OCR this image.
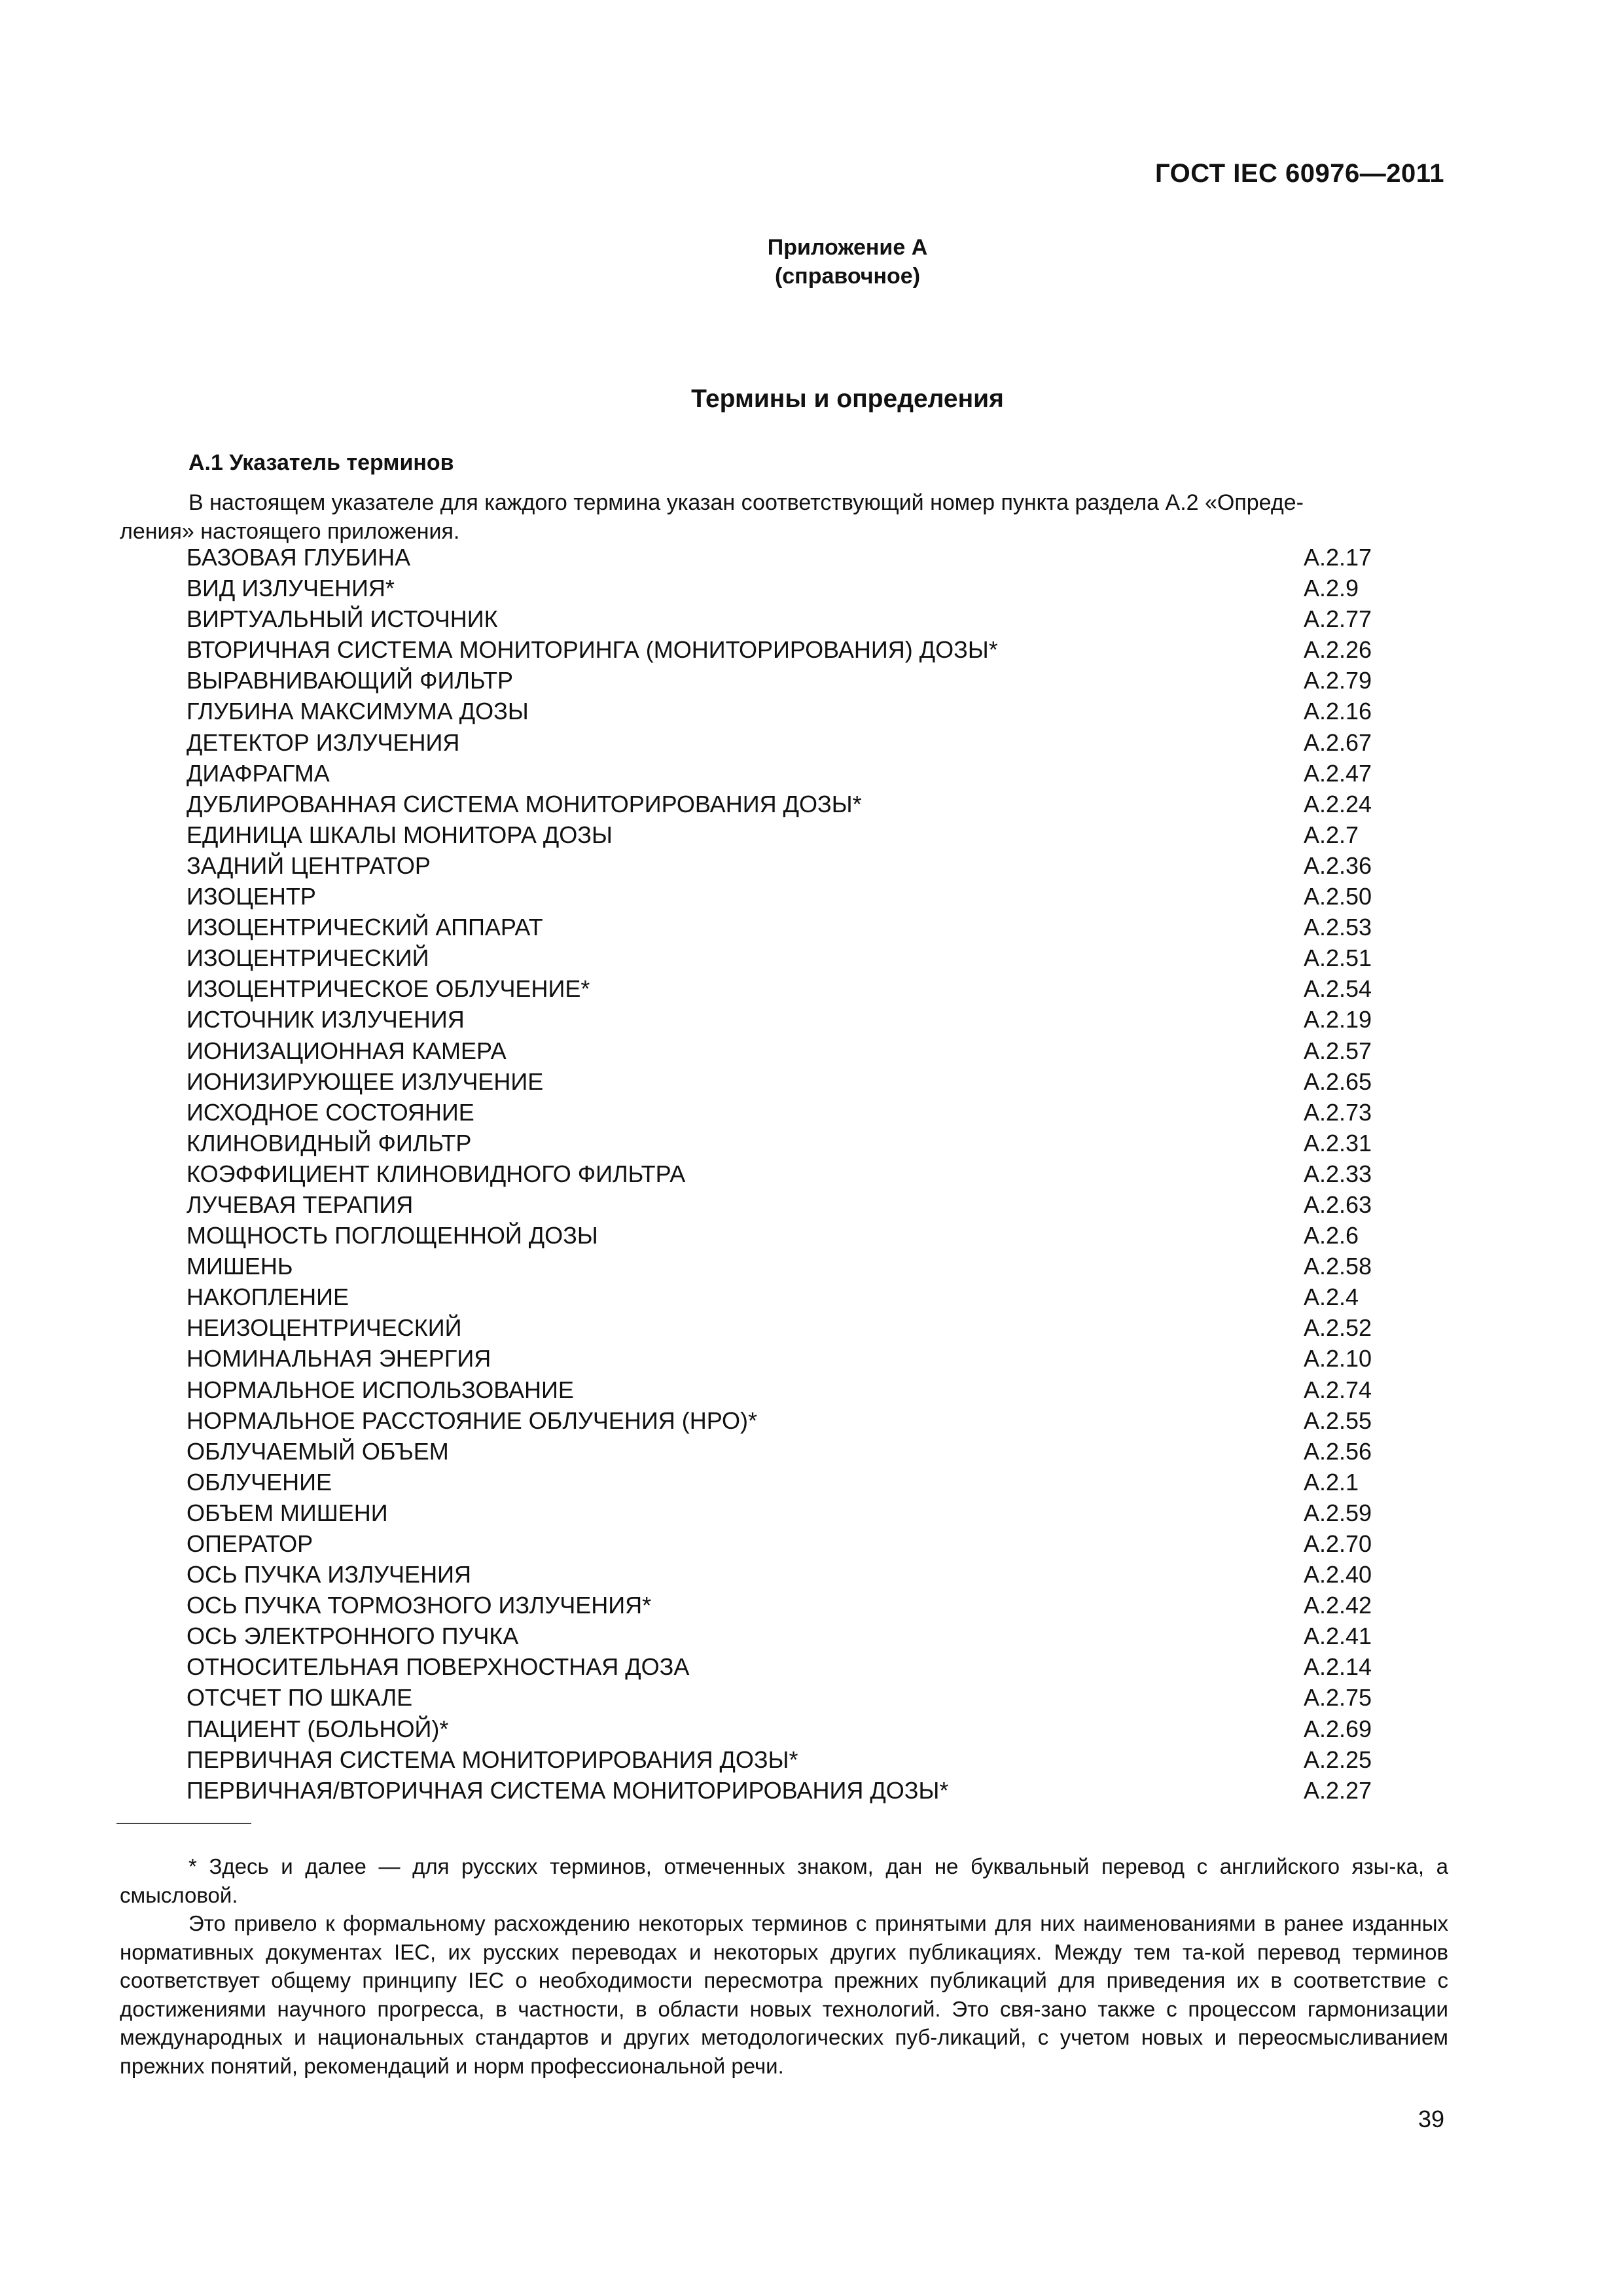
ГОСТ IEC 60976—2011
Приложение А
(справочное)
Термины и определения
А.1 Указатель терминов
В настоящем указателе для каждого термина указан соответствующий номер пункта раздела А.2 «Опреде-
ления» настоящего приложения.
БАЗОВАЯ ГЛУБИНА	А.2.17
ВИД ИЗЛУЧЕНИЯ*	А.2.9
ВИРТУАЛЬНЫЙ ИСТОЧНИК	А.2.77
ВТОРИЧНАЯ СИСТЕМА МОНИТОРИНГА (МОНИТОРИРОВАНИЯ) ДОЗЫ*	А.2.26
ВЫРАВНИВАЮЩИЙ ФИЛЬТР	А.2.79
ГЛУБИНА МАКСИМУМА ДОЗЫ	А.2.16
ДЕТЕКТОР ИЗЛУЧЕНИЯ	А.2.67
ДИАФРАГМА	А.2.47
ДУБЛИРОВАННАЯ СИСТЕМА МОНИТОРИРОВАНИЯ ДОЗЫ*	А.2.24
ЕДИНИЦА ШКАЛЫ МОНИТОРА ДОЗЫ	А.2.7
ЗАДНИЙ ЦЕНТРАТОР	А.2.36
ИЗОЦЕНТР	А.2.50
ИЗОЦЕНТРИЧЕСКИЙ АППАРАТ	А.2.53
ИЗОЦЕНТРИЧЕСКИЙ	А.2.51
ИЗОЦЕНТРИЧЕСКОЕ ОБЛУЧЕНИЕ*	А.2.54
ИСТОЧНИК ИЗЛУЧЕНИЯ	А.2.19
ИОНИЗАЦИОННАЯ КАМЕРА	А.2.57
ИОНИЗИРУЮЩЕЕ ИЗЛУЧЕНИЕ	А.2.65
ИСХОДНОЕ СОСТОЯНИЕ	А.2.73
КЛИНОВИДНЫЙ ФИЛЬТР	А.2.31
КОЭФФИЦИЕНТ КЛИНОВИДНОГО ФИЛЬТРА	А.2.33
ЛУЧЕВАЯ ТЕРАПИЯ	А.2.63
МОЩНОСТЬ ПОГЛОЩЕННОЙ ДОЗЫ	А.2.6
МИШЕНЬ	А.2.58
НАКОПЛЕНИЕ	А.2.4
НЕИЗОЦЕНТРИЧЕСКИЙ	А.2.52
НОМИНАЛЬНАЯ ЭНЕРГИЯ	А.2.10
НОРМАЛЬНОЕ ИСПОЛЬЗОВАНИЕ	А.2.74
НОРМАЛЬНОЕ РАССТОЯНИЕ ОБЛУЧЕНИЯ (НРО)*	А.2.55
ОБЛУЧАЕМЫЙ ОБЪЕМ	А.2.56
ОБЛУЧЕНИЕ	А.2.1
ОБЪЕМ МИШЕНИ	А.2.59
ОПЕРАТОР	А.2.70
ОСЬ ПУЧКА ИЗЛУЧЕНИЯ	А.2.40
ОСЬ ПУЧКА ТОРМОЗНОГО ИЗЛУЧЕНИЯ*	А.2.42
ОСЬ ЭЛЕКТРОННОГО ПУЧКА	А.2.41
ОТНОСИТЕЛЬНАЯ ПОВЕРХНОСТНАЯ ДОЗА	А.2.14
ОТСЧЕТ ПО ШКАЛЕ	А.2.75
ПАЦИЕНТ (БОЛЬНОЙ)*	А.2.69
ПЕРВИЧНАЯ СИСТЕМА МОНИТОРИРОВАНИЯ ДОЗЫ*	А.2.25
ПЕРВИЧНАЯ/ВТОРИЧНАЯ СИСТЕМА МОНИТОРИРОВАНИЯ ДОЗЫ*	А.2.27

* Здесь и далее — для русских терминов, отмеченных знаком, дан не буквальный перевод с английского язы-ка, а смысловой.

Это привело к формальному расхождению некоторых терминов с принятыми для них наименованиями в ранее изданных нормативных документах IEC, их русских переводах и некоторых других публикациях. Между тем та-кой перевод терминов соответствует общему принципу IEC о необходимости пересмотра прежних публикаций для приведения их в соответствие с достижениями научного прогресса, в частности, в области новых технологий. Это свя-зано также с процессом гармонизации международных и национальных стандартов и других методологических пуб-ликаций, с учетом новых и переосмысливанием прежних понятий, рекомендаций и норм профессиональной речи.

39
